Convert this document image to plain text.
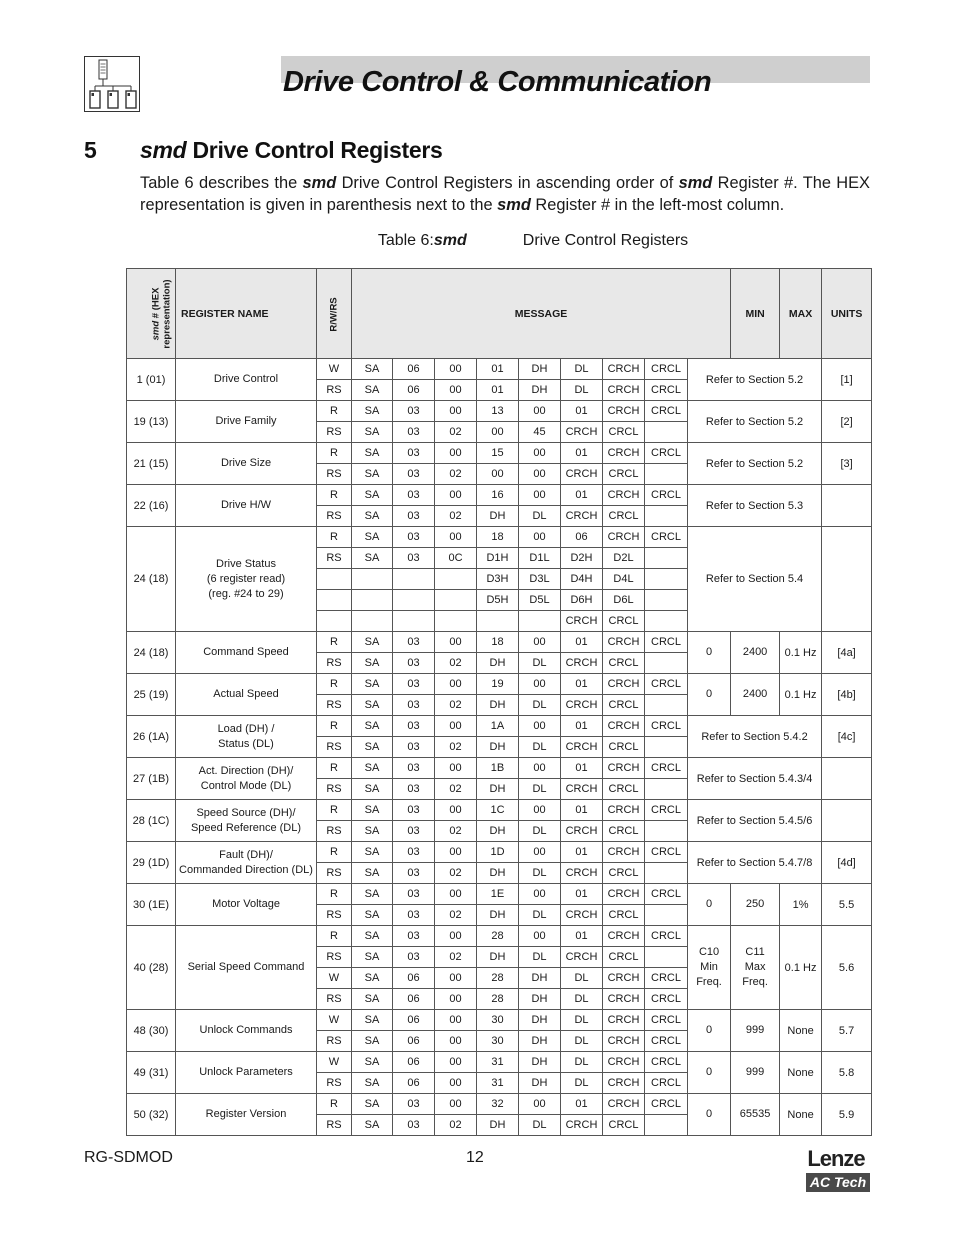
Drive Control & Communication
5 smd Drive Control Registers

Table 6 describes the smd Drive Control Registers in ascending order of smd Register #. The HEX representation is given in parenthesis next to the smd Register # in the left-most column.

Table 6:smd	Drive Control Registers
smd # (HEX
representation)	REGISTER NAME	R/W/RS	MESSAGE									MIN	MAX	UNITS	

1 (01)	Drive Control	W	SA	06	00	01	DH	DL	CRCH	CRCL	Refer to Section 5.2			[1]	
		RS	SA	06	00	01	DH	DL	CRCH	CRCL					
19 (13)	Drive Family	R	SA	03	00	13	00	01	CRCH	CRCL	Refer to Section 5.2			[2]	
		RS	SA	03	02	00	45	CRCH	CRCL						
21 (15)	Drive Size	R	SA	03	00	15	00	01	CRCH	CRCL	Refer to Section 5.2			[3]	
		RS	SA	03	02	00	00	CRCH	CRCL						
22 (16)	Drive H/W	R	SA	03	00	16	00	01	CRCH	CRCL	Refer to Section 5.3				
		RS	SA	03	02	DH	DL	CRCH	CRCL						
24 (18)	Drive Status
(6 register read)
(reg. #24 to 29)	R	SA	03	00	18	00	06	CRCH	CRCL	Refer to Section 5.4				
		RS	SA	03	0C	D1H	D1L	D2H	D2L						
						D3H	D3L	D4H	D4L						
						D5H	D5L	D6H	D6L						
								CRCH	CRCL						
24 (18)	Command Speed	R	SA	03	00	18	00	01	CRCH	CRCL	0	2400	0.1 Hz	[4a]	
		RS	SA	03	02	DH	DL	CRCH	CRCL						
25 (19)	Actual Speed	R	SA	03	00	19	00	01	CRCH	CRCL	0	2400	0.1 Hz	[4b]	
		RS	SA	03	02	DH	DL	CRCH	CRCL						
26 (1A)	Load (DH) /
Status (DL)	R	SA	03	00	1A	00	01	CRCH	CRCL	Refer to Section 5.4.2			[4c]	
		RS	SA	03	02	DH	DL	CRCH	CRCL						
27 (1B)	Act. Direction (DH)/
Control Mode (DL)	R	SA	03	00	1B	00	01	CRCH	CRCL	Refer to Section 5.4.3/4				
		RS	SA	03	02	DH	DL	CRCH	CRCL						
28 (1C)	Speed Source (DH)/
Speed Reference (DL)	R	SA	03	00	1C	00	01	CRCH	CRCL	Refer to Section 5.4.5/6				
		RS	SA	03	02	DH	DL	CRCH	CRCL						
29 (1D)	Fault (DH)/
Commanded Direction (DL)	R	SA	03	00	1D	00	01	CRCH	CRCL	Refer to Section 5.4.7/8			[4d]	
		RS	SA	03	02	DH	DL	CRCH	CRCL						
30 (1E)	Motor Voltage	R	SA	03	00	1E	00	01	CRCH	CRCL	0	250	1%	5.5	
		RS	SA	03	02	DH	DL	CRCH	CRCL						
40 (28)	Serial Speed Command	R	SA	03	00	28	00	01	CRCH	CRCL	C10
Min
Freq.	C11
Max
Freq.	0.1 Hz	5.6	
		RS	SA	03	02	DH	DL	CRCH	CRCL						
		W	SA	06	00	28	DH	DL	CRCH	CRCL					
		RS	SA	06	00	28	DH	DL	CRCH	CRCL					
48 (30)	Unlock Commands	W	SA	06	00	30	DH	DL	CRCH	CRCL	0	999	None	5.7	
		RS	SA	06	00	30	DH	DL	CRCH	CRCL					
49 (31)	Unlock Parameters	W	SA	06	00	31	DH	DL	CRCH	CRCL	0	999	None	5.8	
		RS	SA	06	00	31	DH	DL	CRCH	CRCL					
50 (32)	Register Version	R	SA	03	00	32	00	01	CRCH	CRCL	0	65535	None	5.9	
		RS	SA	03	02	DH	DL	CRCH	CRCL						
RG-SDMOD	12	Lenze
AC Tech
